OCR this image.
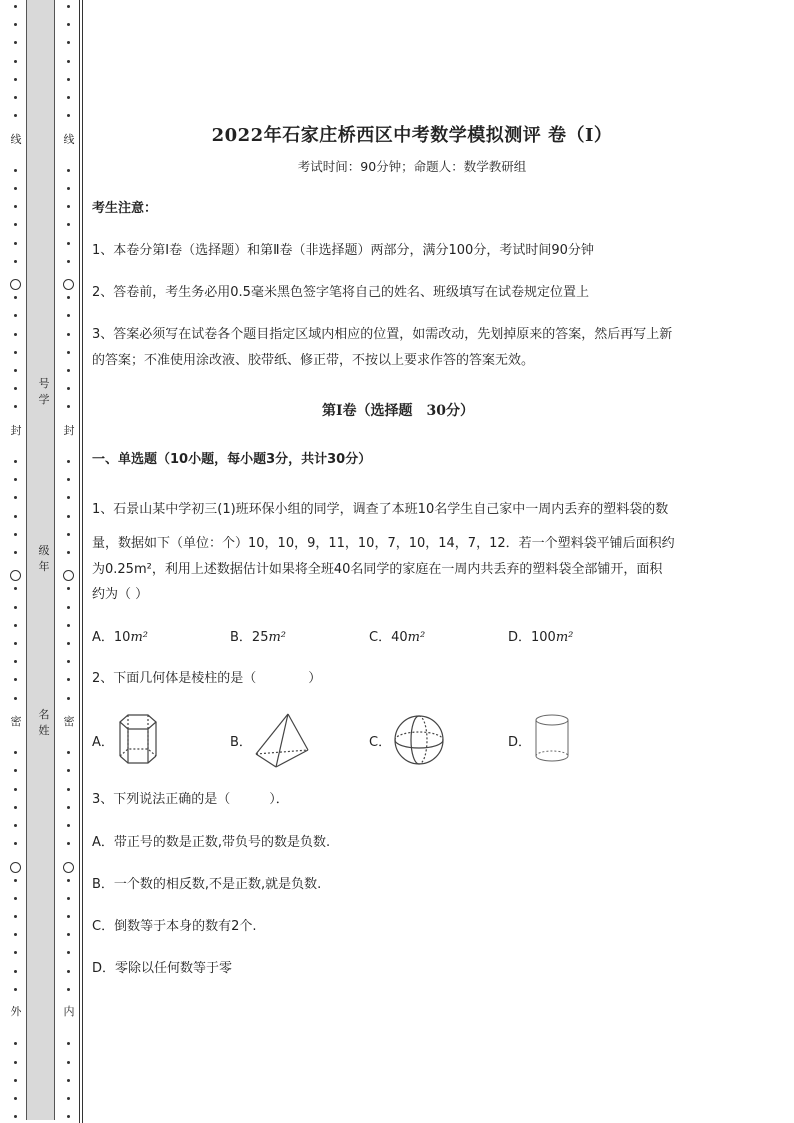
线
封
密
外
线
封
密
内
号学
级年
名姓
2022年石家庄桥西区中考数学模拟测评 卷（Ⅰ）
考试时间：90分钟；命题人：数学教研组
考生注意：
1、本卷分第Ⅰ卷（选择题）和第Ⅱ卷（非选择题）两部分，满分100分，考试时间90分钟
2、答卷前，考生务必用0.5毫米黑色签字笔将自己的姓名、班级填写在试卷规定位置上
3、答案必须写在试卷各个题目指定区域内相应的位置，如需改动，先划掉原来的答案，然后再写上新
的答案；不准使用涂改液、胶带纸、修正带，不按以上要求作答的答案无效。
第Ⅰ卷（选择题　30分）
一、单选题（10小题，每小题3分，共计30分）
1、石景山某中学初三(1)班环保小组的同学，调查了本班10名学生自己家中一周内丢弃的塑料袋的数
量，数据如下（单位：个）10，10，9，11，10，7，10，14，7，12．若一个塑料袋平铺后面积约
为0.25m²，利用上述数据估计如果将全班40名同学的家庭在一周内共丢弃的塑料袋全部铺开，面积
约为（ ）
A．10m²	B．25m²	C．40m²	D．100m²
2、下面几何体是棱柱的是（　　　　）
A．	B．	C．	D．
3、下列说法正确的是（　　　）．
A．带正号的数是正数,带负号的数是负数.
B．一个数的相反数,不是正数,就是负数.
C．倒数等于本身的数有2个.
D．零除以任何数等于零
